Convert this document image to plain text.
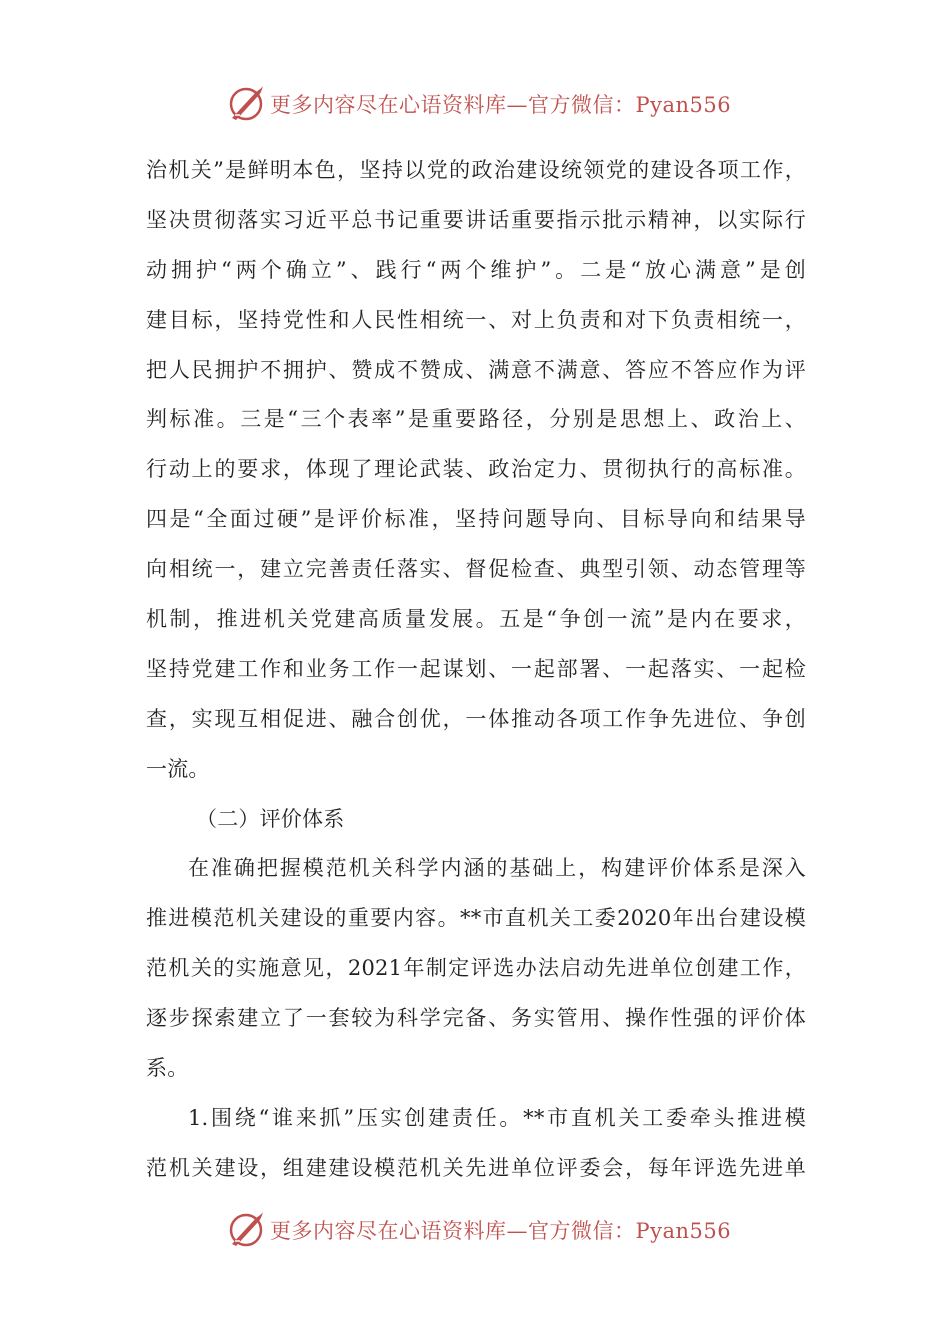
更多内容尽在心语资料库—官方微信：Pyan556
治机关”是鲜明本色，坚持以党的政治建设统领党的建设各项工作，
坚决贯彻落实习近平总书记重要讲话重要指示批示精神，以实际行
动拥护“两个确立”、践行“两个维护”。二是“放心满意”是创
建目标，坚持党性和人民性相统一、对上负责和对下负责相统一，
把人民拥护不拥护、赞成不赞成、满意不满意、答应不答应作为评
判标准。三是“三个表率”是重要路径，分别是思想上、政治上、
行动上的要求，体现了理论武装、政治定力、贯彻执行的高标准。
四是“全面过硬”是评价标准，坚持问题导向、目标导向和结果导
向相统一，建立完善责任落实、督促检查、典型引领、动态管理等
机制，推进机关党建高质量发展。五是“争创一流”是内在要求，
坚持党建工作和业务工作一起谋划、一起部署、一起落实、一起检
查，实现互相促进、融合创优，一体推动各项工作争先进位、争创
一流。
（二）评价体系
在准确把握模范机关科学内涵的基础上，构建评价体系是深入
推进模范机关建设的重要内容。**市直机关工委2020年出台建设模
范机关的实施意见，2021年制定评选办法启动先进单位创建工作，
逐步探索建立了一套较为科学完备、务实管用、操作性强的评价体
系。
1.围绕“谁来抓”压实创建责任。**市直机关工委牵头推进模
范机关建设，组建建设模范机关先进单位评委会，每年评选先进单
更多内容尽在心语资料库—官方微信：Pyan556
